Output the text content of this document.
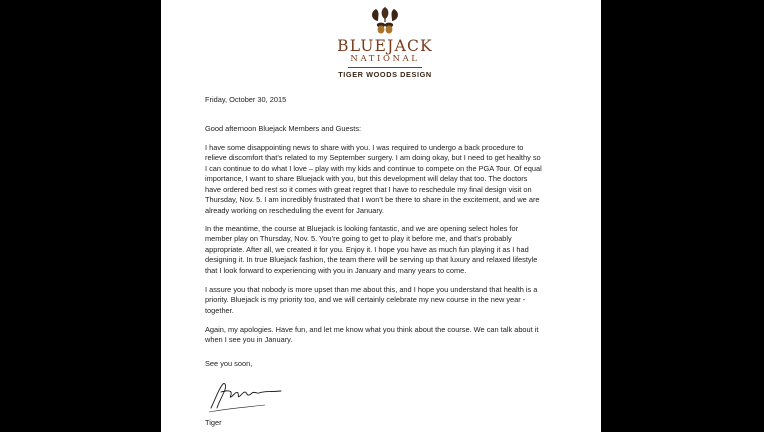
BLUEJACK
NATIONAL
TIGER WOODS DESIGN
Friday, October 30, 2015
Good afternoon Bluejack Members and Guests:
I have some disappointing news to share with you. I was required to undergo a back procedure to
relieve discomfort that’s related to my September surgery. I am doing okay, but I need to get healthy so
I can continue to do what I love – play with my kids and continue to compete on the PGA Tour. Of equal
importance, I want to share Bluejack with you, but this development will delay that too. The doctors
have ordered bed rest so it comes with great regret that I have to reschedule my final design visit on
Thursday, Nov. 5. I am incredibly frustrated that I won’t be there to share in the excitement, and we are
already working on rescheduling the event for January.
In the meantime, the course at Bluejack is looking fantastic, and we are opening select holes for
member play on Thursday, Nov. 5. You’re going to get to play it before me, and that’s probably
appropriate. After all, we created it for you. Enjoy it. I hope you have as much fun playing it as I had
designing it. In true Bluejack fashion, the team there will be serving up that luxury and relaxed lifestyle
that I look forward to experiencing with you in January and many years to come.
I assure you that nobody is more upset than me about this, and I hope you understand that health is a
priority. Bluejack is my priority too, and we will certainly celebrate my new course in the new year -
together.
Again, my apologies. Have fun, and let me know what you think about the course. We can talk about it
when I see you in January.
See you soon,
Tiger
